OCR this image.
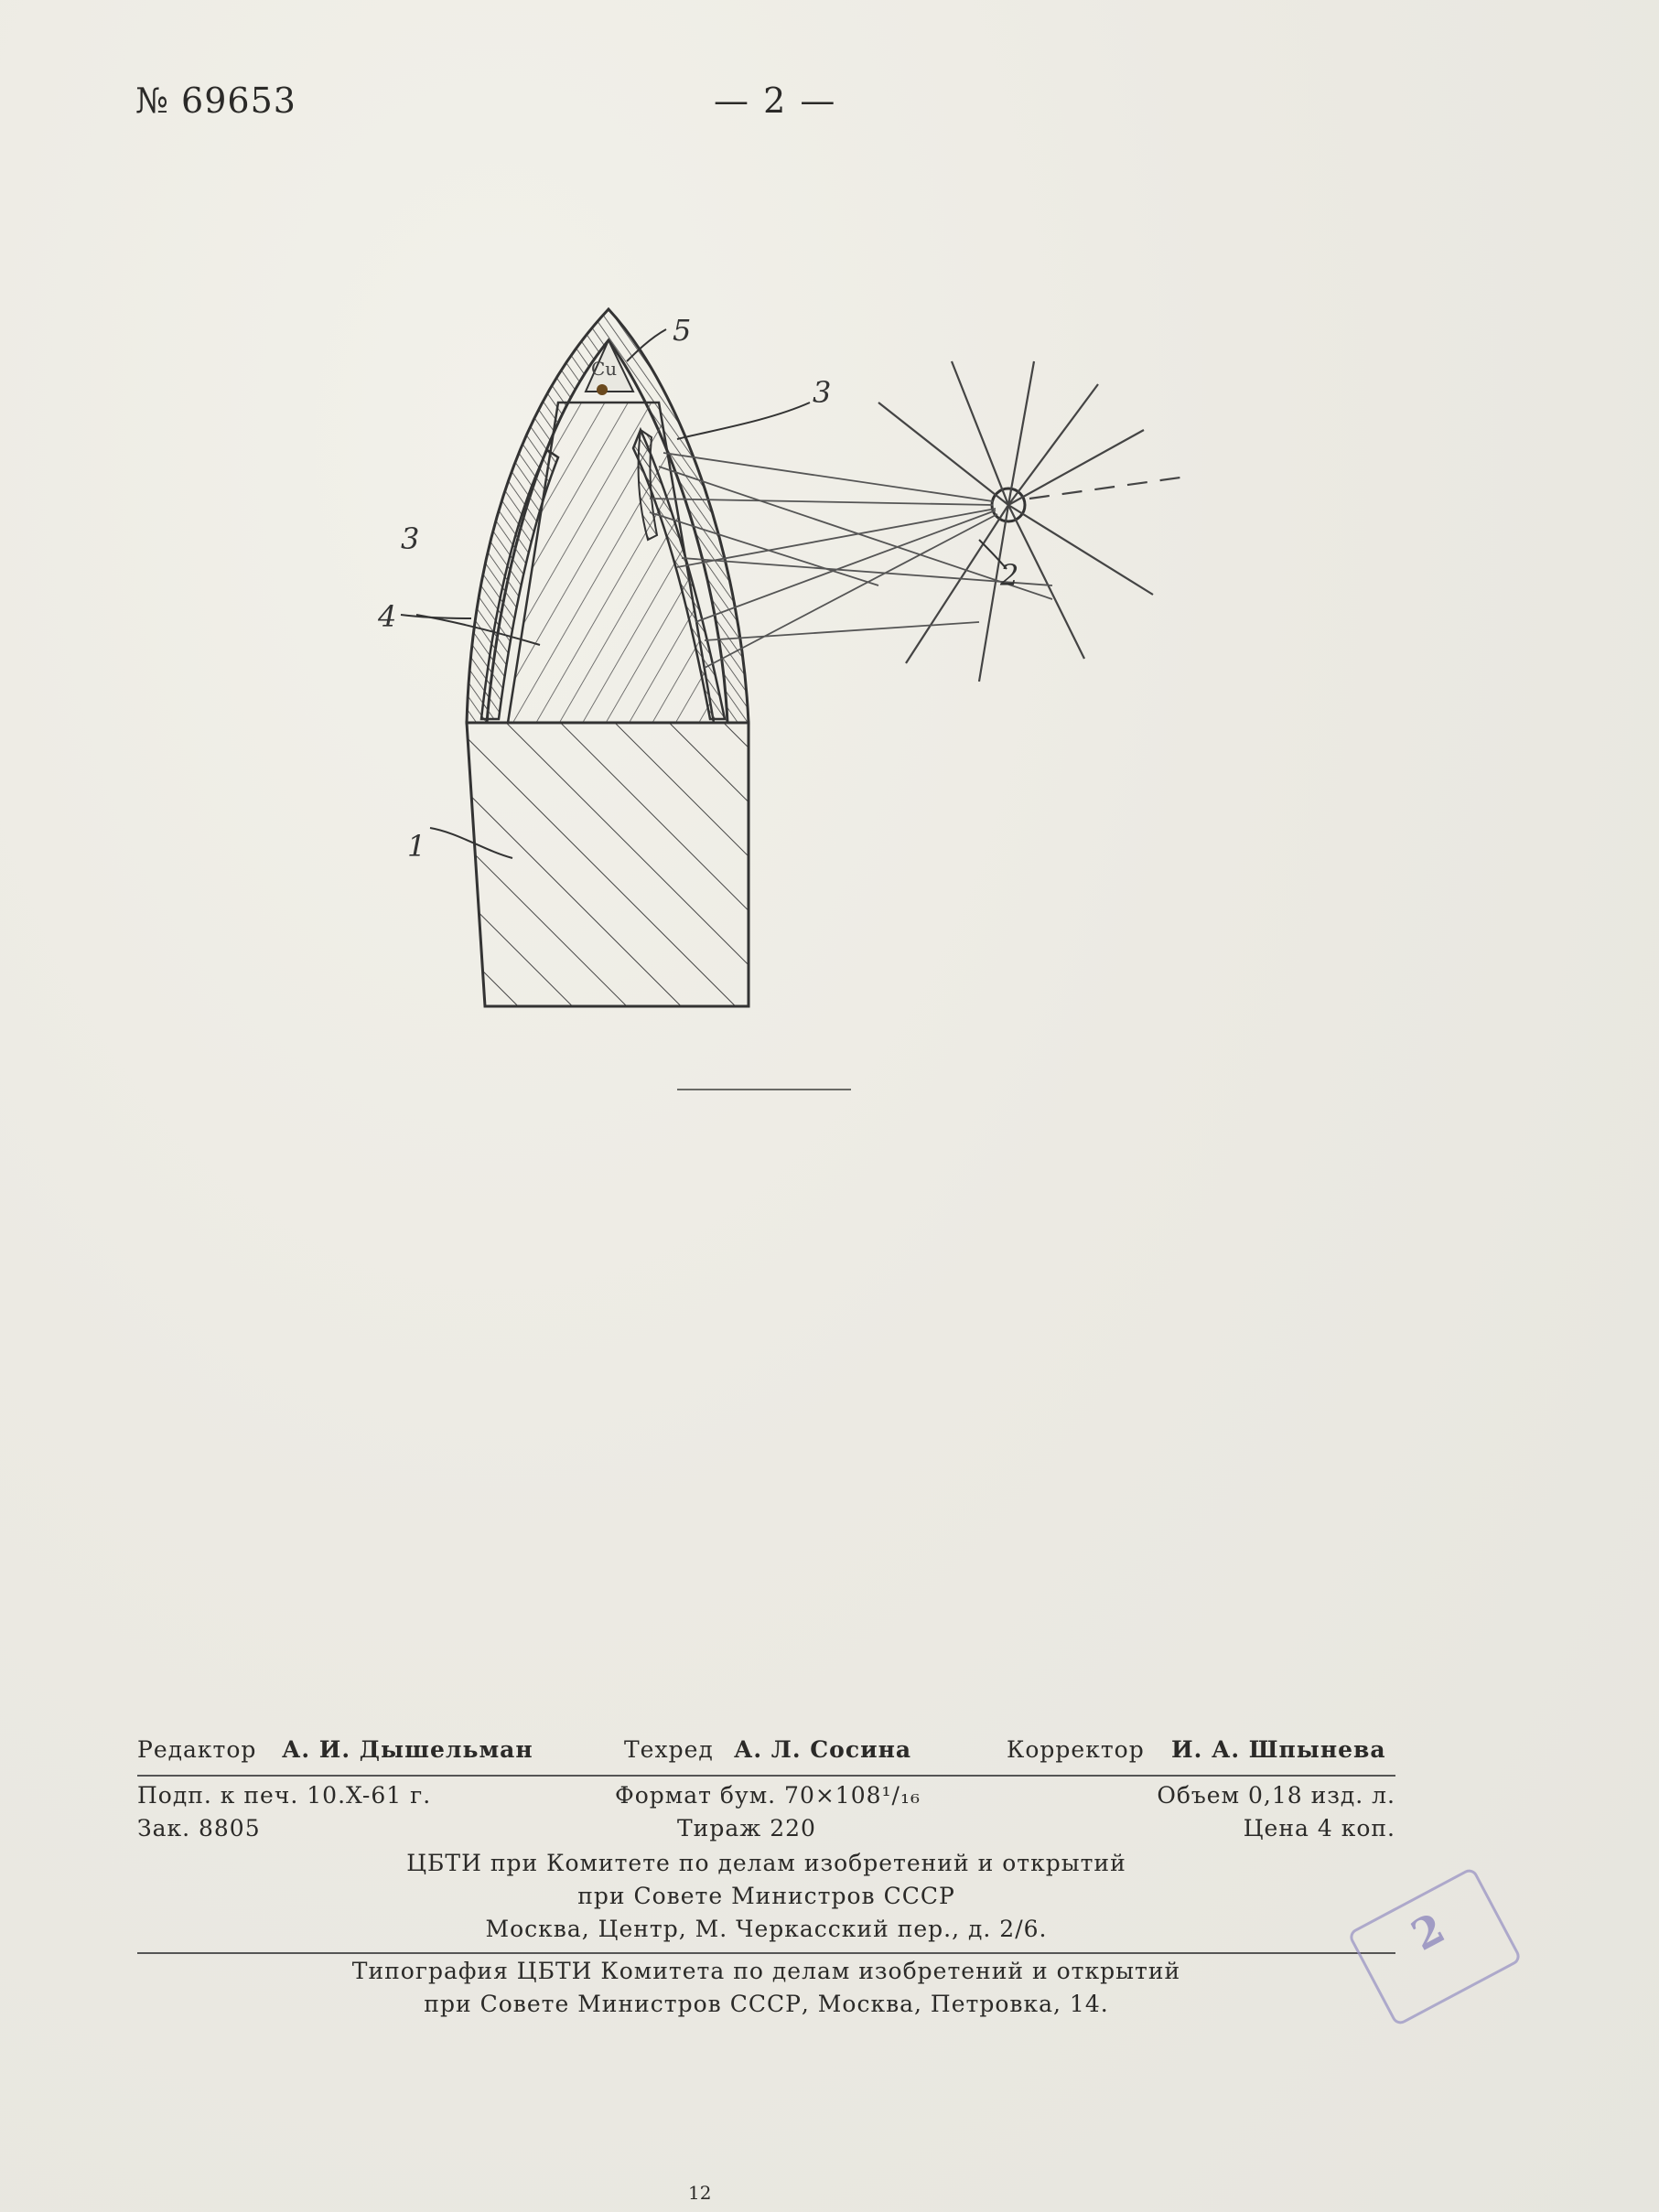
№ 69653	— 2 —
Cu
1
2
3
3
4
5
Редактор А. И. Дышельман	Техред А. Л. Сосина	Корректор И. А. Шпынева
Подп. к печ. 10.X-61 г.	Формат бум. 70×108¹/₁₆	Объем 0,18 изд. л.
Зак. 8805	Тираж 220	Цена 4 коп.
ЦБТИ при Комитете по делам изобретений и открытий
при Совете Министров СССР
Москва, Центр, М. Черкасский пер., д. 2/6.
Типография ЦБТИ Комитета по делам изобретений и открытий
при Совете Министров СССР, Москва, Петровка, 14.
2
12
